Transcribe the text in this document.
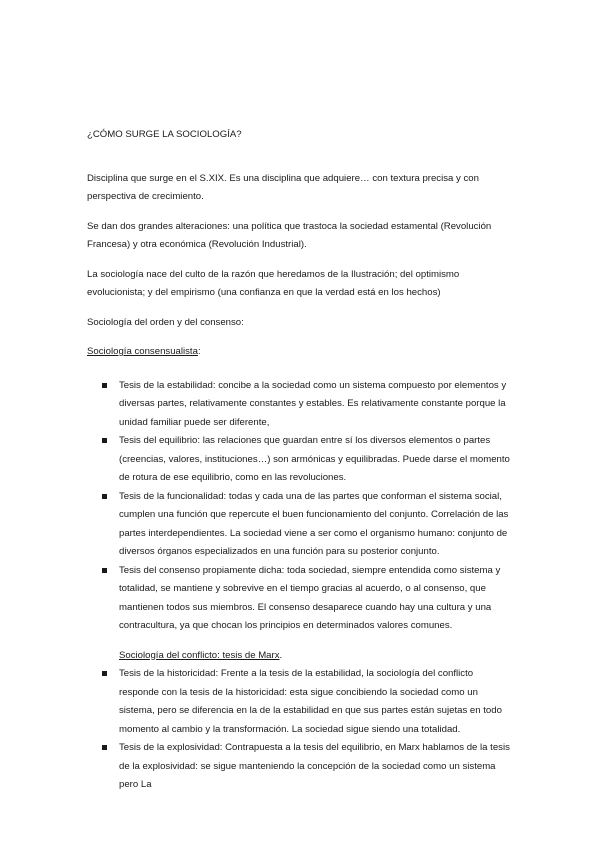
¿CÓMO SURGE LA SOCIOLOGÍA?

Disciplina que surge en el S.XIX. Es una disciplina que adquiere… con textura precisa y con perspectiva de crecimiento.

Se dan dos grandes alteraciones: una política que trastoca la sociedad estamental (Revolución Francesa) y otra económica (Revolución Industrial).

La sociología nace del culto de la razón que heredamos de la Ilustración; del optimismo evolucionista; y del empirismo (una confianza en que la verdad está en los hechos)

Sociología del orden y del consenso:

Sociología consensualista:

Tesis de la estabilidad: concibe a la sociedad como un sistema compuesto por elementos y diversas partes, relativamente constantes y estables. Es relativamente constante porque la unidad familiar puede ser diferente,
Tesis del equilibrio: las relaciones que guardan entre sí los diversos elementos o partes (creencias, valores, instituciones…) son armónicas y equilibradas. Puede darse el momento de rotura de ese equilibrio, como en las revoluciones.
Tesis de la funcionalidad: todas y cada una de las partes que conforman el sistema social, cumplen una función que repercute el buen funcionamiento del conjunto. Correlación de las partes interdependientes. La sociedad viene a ser como el organismo humano: conjunto de diversos órganos especializados en una función para su posterior conjunto.
Tesis del consenso propiamente dicha: toda sociedad, siempre entendida como sistema y totalidad, se mantiene y sobrevive en el tiempo gracias al acuerdo, o al consenso, que mantienen todos sus miembros. El consenso desaparece cuando hay una cultura y una contracultura, ya que chocan los principios en determinados valores comunes.

Sociología del conflicto: tesis de Marx.

Tesis de la historicidad: Frente a la tesis de la estabilidad, la sociología del conflicto responde con la tesis de la historicidad: esta sigue concibiendo la sociedad como un sistema, pero se diferencia en la de la estabilidad en que sus partes están sujetas en todo momento al cambio y la transformación. La sociedad sigue siendo una totalidad.
Tesis de la explosividad: Contrapuesta a la tesis del equilibrio, en Marx hablamos de la tesis de la explosividad: se sigue manteniendo la concepción de la sociedad como un sistema pero La
